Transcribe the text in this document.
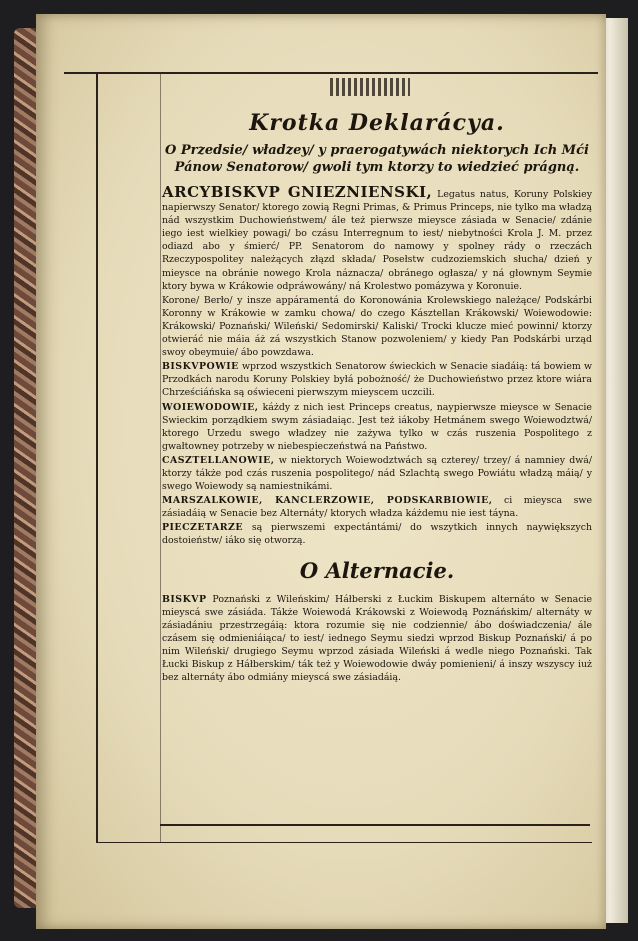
Krotka Deklarácya.
O Przedsie/ władzey/ y praerogatywách niektorych Ich Mći Pánow Senatorow/ gwoli tym ktorzy to wiedzieć prágną.

ARCYBISKVP GNIEZNIENSKI, Legatus natus, Koruny Polskiey napierwszy Senator/ ktorego zowią Regni Primas, & Primus Princeps, nie tylko ma władzą nád wszystkim Duchowieństwem/ ále też pierwsze mieysce zásiada w Senacie/ zdánie iego iest wielkiey powagi/ bo czásu Interregnum to iest/ niebytności Krola J. M. przez odiazd abo y śmierć/ PP. Senatorom do namowy y spolney rády o rzeczách Rzeczypospolitey należących złązd składa/ Posełstw cudzoziemskich słucha/ dzień y mieysce na obránie nowego Krola náznacza/ obránego ogłasza/ y ná głownym Seymie ktory bywa w Krákowie odpráwowány/ ná Krolestwo pomázywa y Koronuie.

Korone/ Berło/ y insze appáramentá do Koronowánia Krolewskiego należące/ Podskárbi Koronny w Krákowie w zamku chowa/ do czego Kásztellan Krákowski/ Woiewodowie: Krákowski/ Poznański/ Wileński/ Sedomirski/ Kaliski/ Trocki klucze mieć powinni/ ktorzy otwieráć nie máia áż zá wszystkich Stanow pozwoleniem/ y kiedy Pan Podskárbi urząd swoy obeymuie/ ábo powzdawa.

BISKVPOWIE wprzod wszystkich Senatorow świeckich w Senacie siadáią: tá bowiem w Przodkách narodu Koruny Polskiey byłá pobożność/ że Duchowieństwo przez ktore wiára Chrześciáńska są oświeceni pierwszym mieyscem uczcili.

WOIEWODOWIE, káżdy z nich iest Princeps creatus, naypierwsze mieysce w Senacie Swieckim porządkiem swym zásiadaiąc. Jest też iákoby Hetmánem swego Woiewodztwá/ ktorego Urzedu swego władzey nie zażywa tylko w czás ruszenia Pospolitego z gwałtowney potrzeby w niebespieczeństwá na Państwo.

CASZTELLANOWIE, w niektorych Woiewodztwách są czterey/ trzey/ á namniey dwá/ ktorzy tákże pod czás ruszenia pospolitego/ nád Szlachtą swego Powiátu władzą máią/ y swego Woiewody są namiestnikámi.

MARSZALKOWIE, KANCLERZOWIE, PODSKARBIOWIE, ci mieysca swe zásiadáią w Senacie bez Alternáty/ ktorych władza káżdemu nie iest táyna.

PIECZETARZE są pierwszemi expectántámi/ do wszytkich innych naywiększych dostoieństw/ iáko się otworzą.

O Alternacie.

BISKVP Poznański z Wileńskim/ Háłberski z Łuckim Biskupem alternáto w Senacie mieyscá swe zásiáda. Tákże Woiewodá Krákowski z Woiewodą Poznáńskim/ alternáty w zásiadániu przestrzegáią: ktora rozumie się nie codziennie/ ábo doświadczenia/ ále czásem się odmieniáiąca/ to iest/ iednego Seymu siedzi wprzod Biskup Poznański/ á po nim Wileński/ drugiego Seymu wprzod zásiada Wileński á wedle niego Poznański. Tak Łucki Biskup z Háłberskim/ ták też y Woiewodowie dwáy pomienieni/ á inszy wszyscy iuż bez alternáty ábo odmiány mieyscá swe zásiadáią.
